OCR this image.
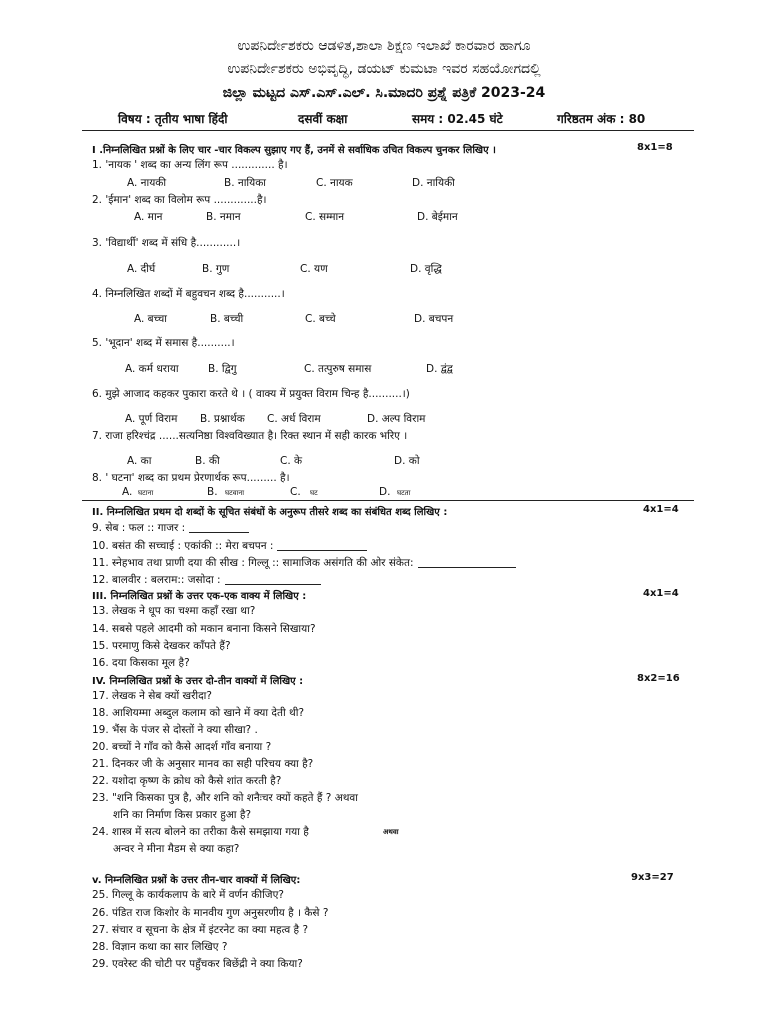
ಉಪನಿರ್ದೇಶಕರು ಆಡಳಿತ,ಶಾಲಾ ಶಿಕ್ಷಣ ಇಲಾಖೆ ಕಾರವಾರ ಹಾಗೂ
ಉಪನಿರ್ದೇಶಕರು ಅಭಿವೃದ್ಧಿ, ಡಯಟ್ ಕುಮಟಾ ಇವರ ಸಹಯೋಗದಲ್ಲಿ
ಜಿಲ್ಲಾ ಮಟ್ಟದ ಎಸ್.ಎಸ್.ಎಲ್. ಸಿ.ಮಾದರಿ ಪ್ರಶ್ನೆ ಪತ್ರಿಕೆ 2023-24
विषय : तृतीय भाषा हिंदी	दसवीं कक्षा	समय : 02.45 घंटे	गरिष्ठतम अंक : 80
I .निम्नलिखित प्रश्नों के लिए चार -चार विकल्प सुझाए गए हैं, उनमें से सर्वाधिक उचित विकल्प चुनकर लिखिए ।	8x1=8
1. 'नायक ' शब्द का अन्य लिंग रूप ............. है।
A. नायकी	B. नायिका	C. नायक	D. नायिकी
2. 'ईमान' शब्द का विलोम रूप .............है।
A. मान	B. नमान	C. सम्मान	D. बेईमान
3. 'विद्यार्थी' शब्द में संधि है............।
A. दीर्घ	B. गुण	C. यण	D. वृद्धि
4. निम्नलिखित शब्दों में बहुवचन शब्द है...........।
A. बच्चा	B. बच्ची	C. बच्चे	D. बचपन
5. 'भूदान' शब्द में समास है..........।
A. कर्म धराया	B. द्विगु	C. तत्पुरुष समास	D. द्वंद्व
6. मुझे आजाद कहकर पुकारा करते थे । ( वाक्य में प्रयुक्त विराम चिन्ह है..........।)
A. पूर्ण विराम B. प्रश्नार्थक C. अर्ध विराम	D. अल्प विराम
7. राजा हरिश्चंद्र ......सत्यनिष्ठा विश्वविख्यात है। रिक्त स्थान में सही कारक भरिए ।
A. का	B. की	C. के	D. को
8. ' घटना' शब्द का प्रथम प्रेरणार्थक रूप......... है।
A. घटाना	B. घटवाना	C. घट	D. घटता
II. निम्नलिखित प्रथम दो शब्दों के सूचित संबंधों के अनुरूप तीसरे शब्द का संबंधित शब्द लिखिए :	4x1=4
9. सेब : फल :: गाजर :
10. बसंत की सच्चाई : एकांकी :: मेरा बचपन :
11. स्नेहभाव तथा प्राणी दया की सीख : गिल्लू :: सामाजिक असंगति की ओर संकेत:
12. बालवीर : बलराम:: जसोदा :
III. निम्नलिखित प्रश्नों के उत्तर एक-एक वाक्य में लिखिए :	4x1=4
13. लेखक ने धूप का चश्मा कहाँ रखा था?
14. सबसे पहले आदमी को मकान बनाना किसने सिखाया?
15. परमाणु किसे देखकर काँपते हैं?
16. दया किसका मूल है?
IV. निम्नलिखित प्रश्नों के उत्तर दो-तीन वाक्यों में लिखिए :	8x2=16
17. लेखक ने सेब क्यों खरीदा?
18. आशियम्मा अब्दुल कलाम को खाने में क्या देती थी?
19. भैंस के पंजर से दोस्तों ने क्या सीखा? .
20. बच्चों ने गाँव को कैसे आदर्श गाँव बनाया ?
21. दिनकर जी के अनुसार मानव का सही परिचय क्या है?
22. यशोदा कृष्ण के क्रोध को कैसे शांत करती है?
23. "शनि किसका पुत्र है, और शनि को शनैःचर क्यों कहते हैं ? अथवा
शनि का निर्माण किस प्रकार हुआ है?
24. शास्त्र में सत्य बोलने का तरीका कैसे समझाया गया है	अथवा
अन्वर ने मीना मैडम से क्या कहा?
v. निम्नलिखित प्रश्नों के उत्तर तीन-चार वाक्यों में लिखिए:	9x3=27
25. गिल्लू के कार्यकलाप के बारे में वर्णन कीजिए?
26. पंडित राज किशोर के मानवीय गुण अनुसरणीय है । कैसे ?
27. संचार व सूचना के क्षेत्र में इंटरनेट का क्या महत्व है ?
28. विज्ञान कथा का सार लिखिए ?
29. एवरेस्ट की चोटी पर पहुँचकर बिछेंद्री ने क्या किया?
